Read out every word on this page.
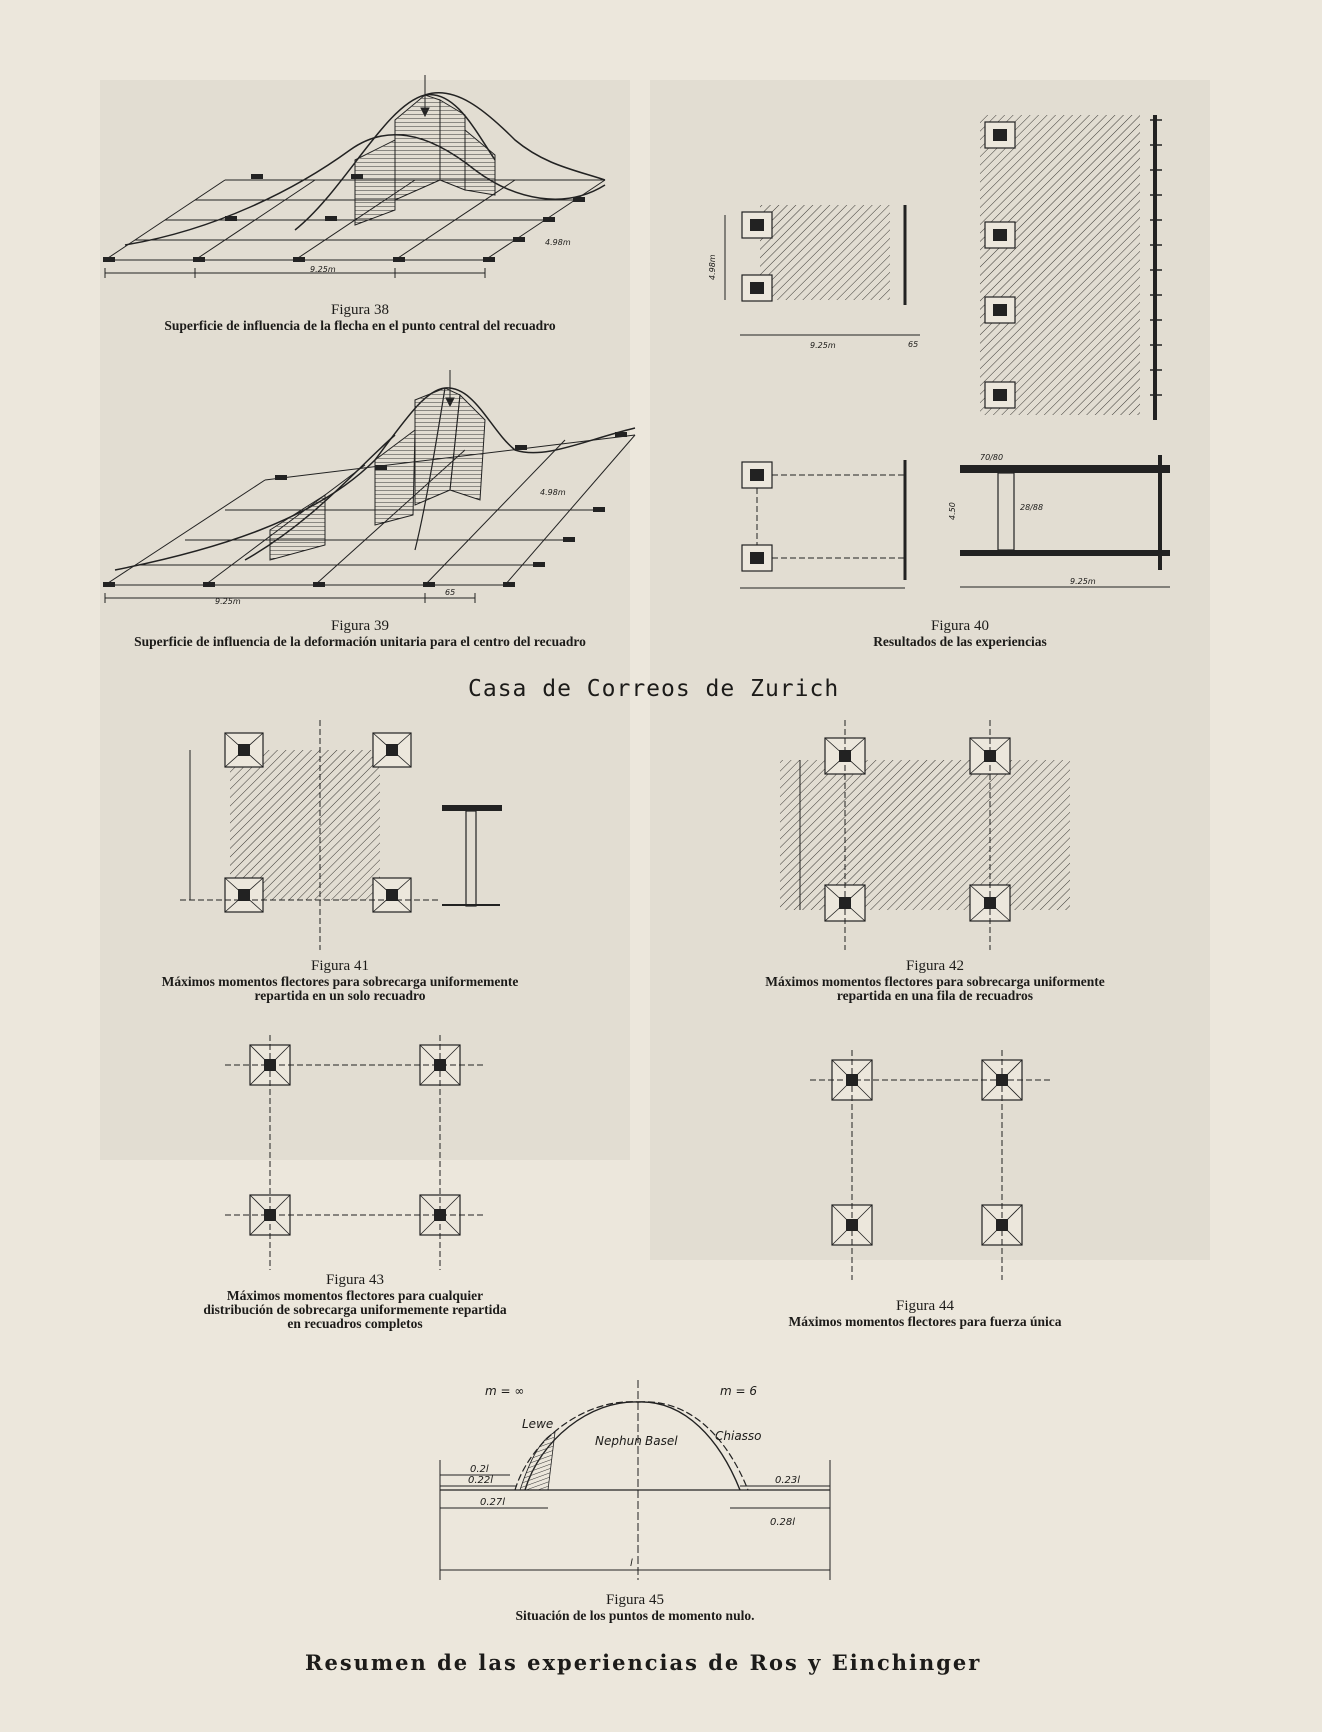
9.25m
4.98m
Figura 38
Superficie de influencia de la flecha en el punto central del recuadro
9.25m
4.98m
65
Figura 39
Superficie de influencia de la deformación unitaria para el centro del recuadro
9.25m	65
4.98m
70/80
28/88
4.50
9.25m
Figura 40
Resultados de las experiencias
Casa de Correos de Zurich
Figura 41
Máximos momentos flectores para sobrecarga uniformemente repartida en un solo recuadro
Figura 42
Máximos momentos flectores para sobrecarga uniformente repartida en una fila de recuadros
Figura 43
Máximos momentos flectores para cualquier distribución de sobrecarga uniformemente repartida en recuadros completos
Figura 44
Máximos momentos flectores para fuerza única
m = ∞	m = 6
Lewe
Nephun Basel	Chiasso
0.2l
0.22l
0.27l
0.23l
0.28l
l
Figura 45
Situación de los puntos de momento nulo.
Resumen de las experiencias de Ros y Einchinger
